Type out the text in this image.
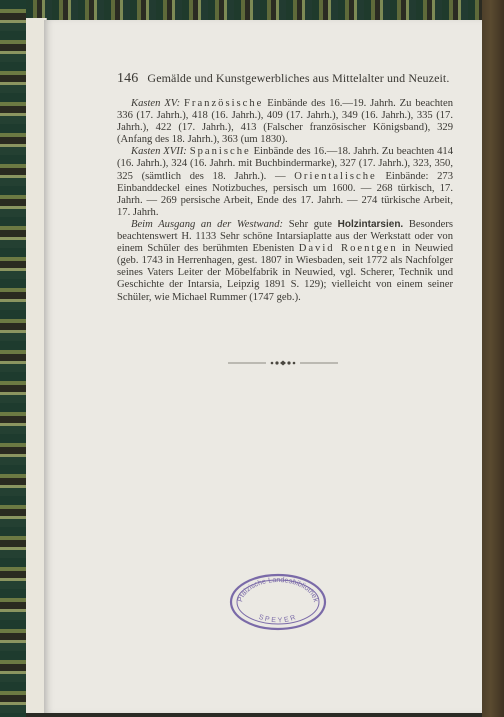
146 Gemälde und Kunstgewerbliches aus Mittelalter und Neuzeit.

Kasten XV: Französische Einbände des 16.—19. Jahrh. Zu beachten 336 (17. Jahrh.), 418 (16. Jahrh.), 409 (17. Jahrh.), 349 (16. Jahrh.), 335 (17. Jahrh.), 422 (17. Jahrh.), 413 (Falscher französischer Königsband), 329 (Anfang des 18. Jahrh.), 363 (um 1830).

Kasten XVII: Spanische Einbände des 16.—18. Jahrh. Zu beachten 414 (16. Jahrh.), 324 (16. Jahrh. mit Buchbindermarke), 327 (17. Jahrh.), 323, 350, 325 (sämtlich des 18. Jahrh.). — Orientalische Einbände: 273 Einbanddeckel eines Notizbuches, persisch um 1600. — 268 türkisch, 17. Jahrh. — 269 persische Arbeit, Ende des 17. Jahrh. — 274 türkische Arbeit, 17. Jahrh.

Beim Ausgang an der Westwand: Sehr gute Holzintarsien. Besonders beachtenswert H. 1133 Sehr schöne Intarsiaplatte aus der Werkstatt oder von einem Schüler des berühmten Ebenisten David Roentgen in Neuwied (geb. 1743 in Herrenhagen, gest. 1807 in Wiesbaden, seit 1772 als Nachfolger seines Vaters Leiter der Möbelfabrik in Neuwied, vgl. Scherer, Technik und Geschichte der Intarsia, Leipzig 1891 S. 129); vielleicht von einem seiner Schüler, wie Michael Rummer (1747 geb.).

Pfälzische Landesbibliothek
SPEYER
